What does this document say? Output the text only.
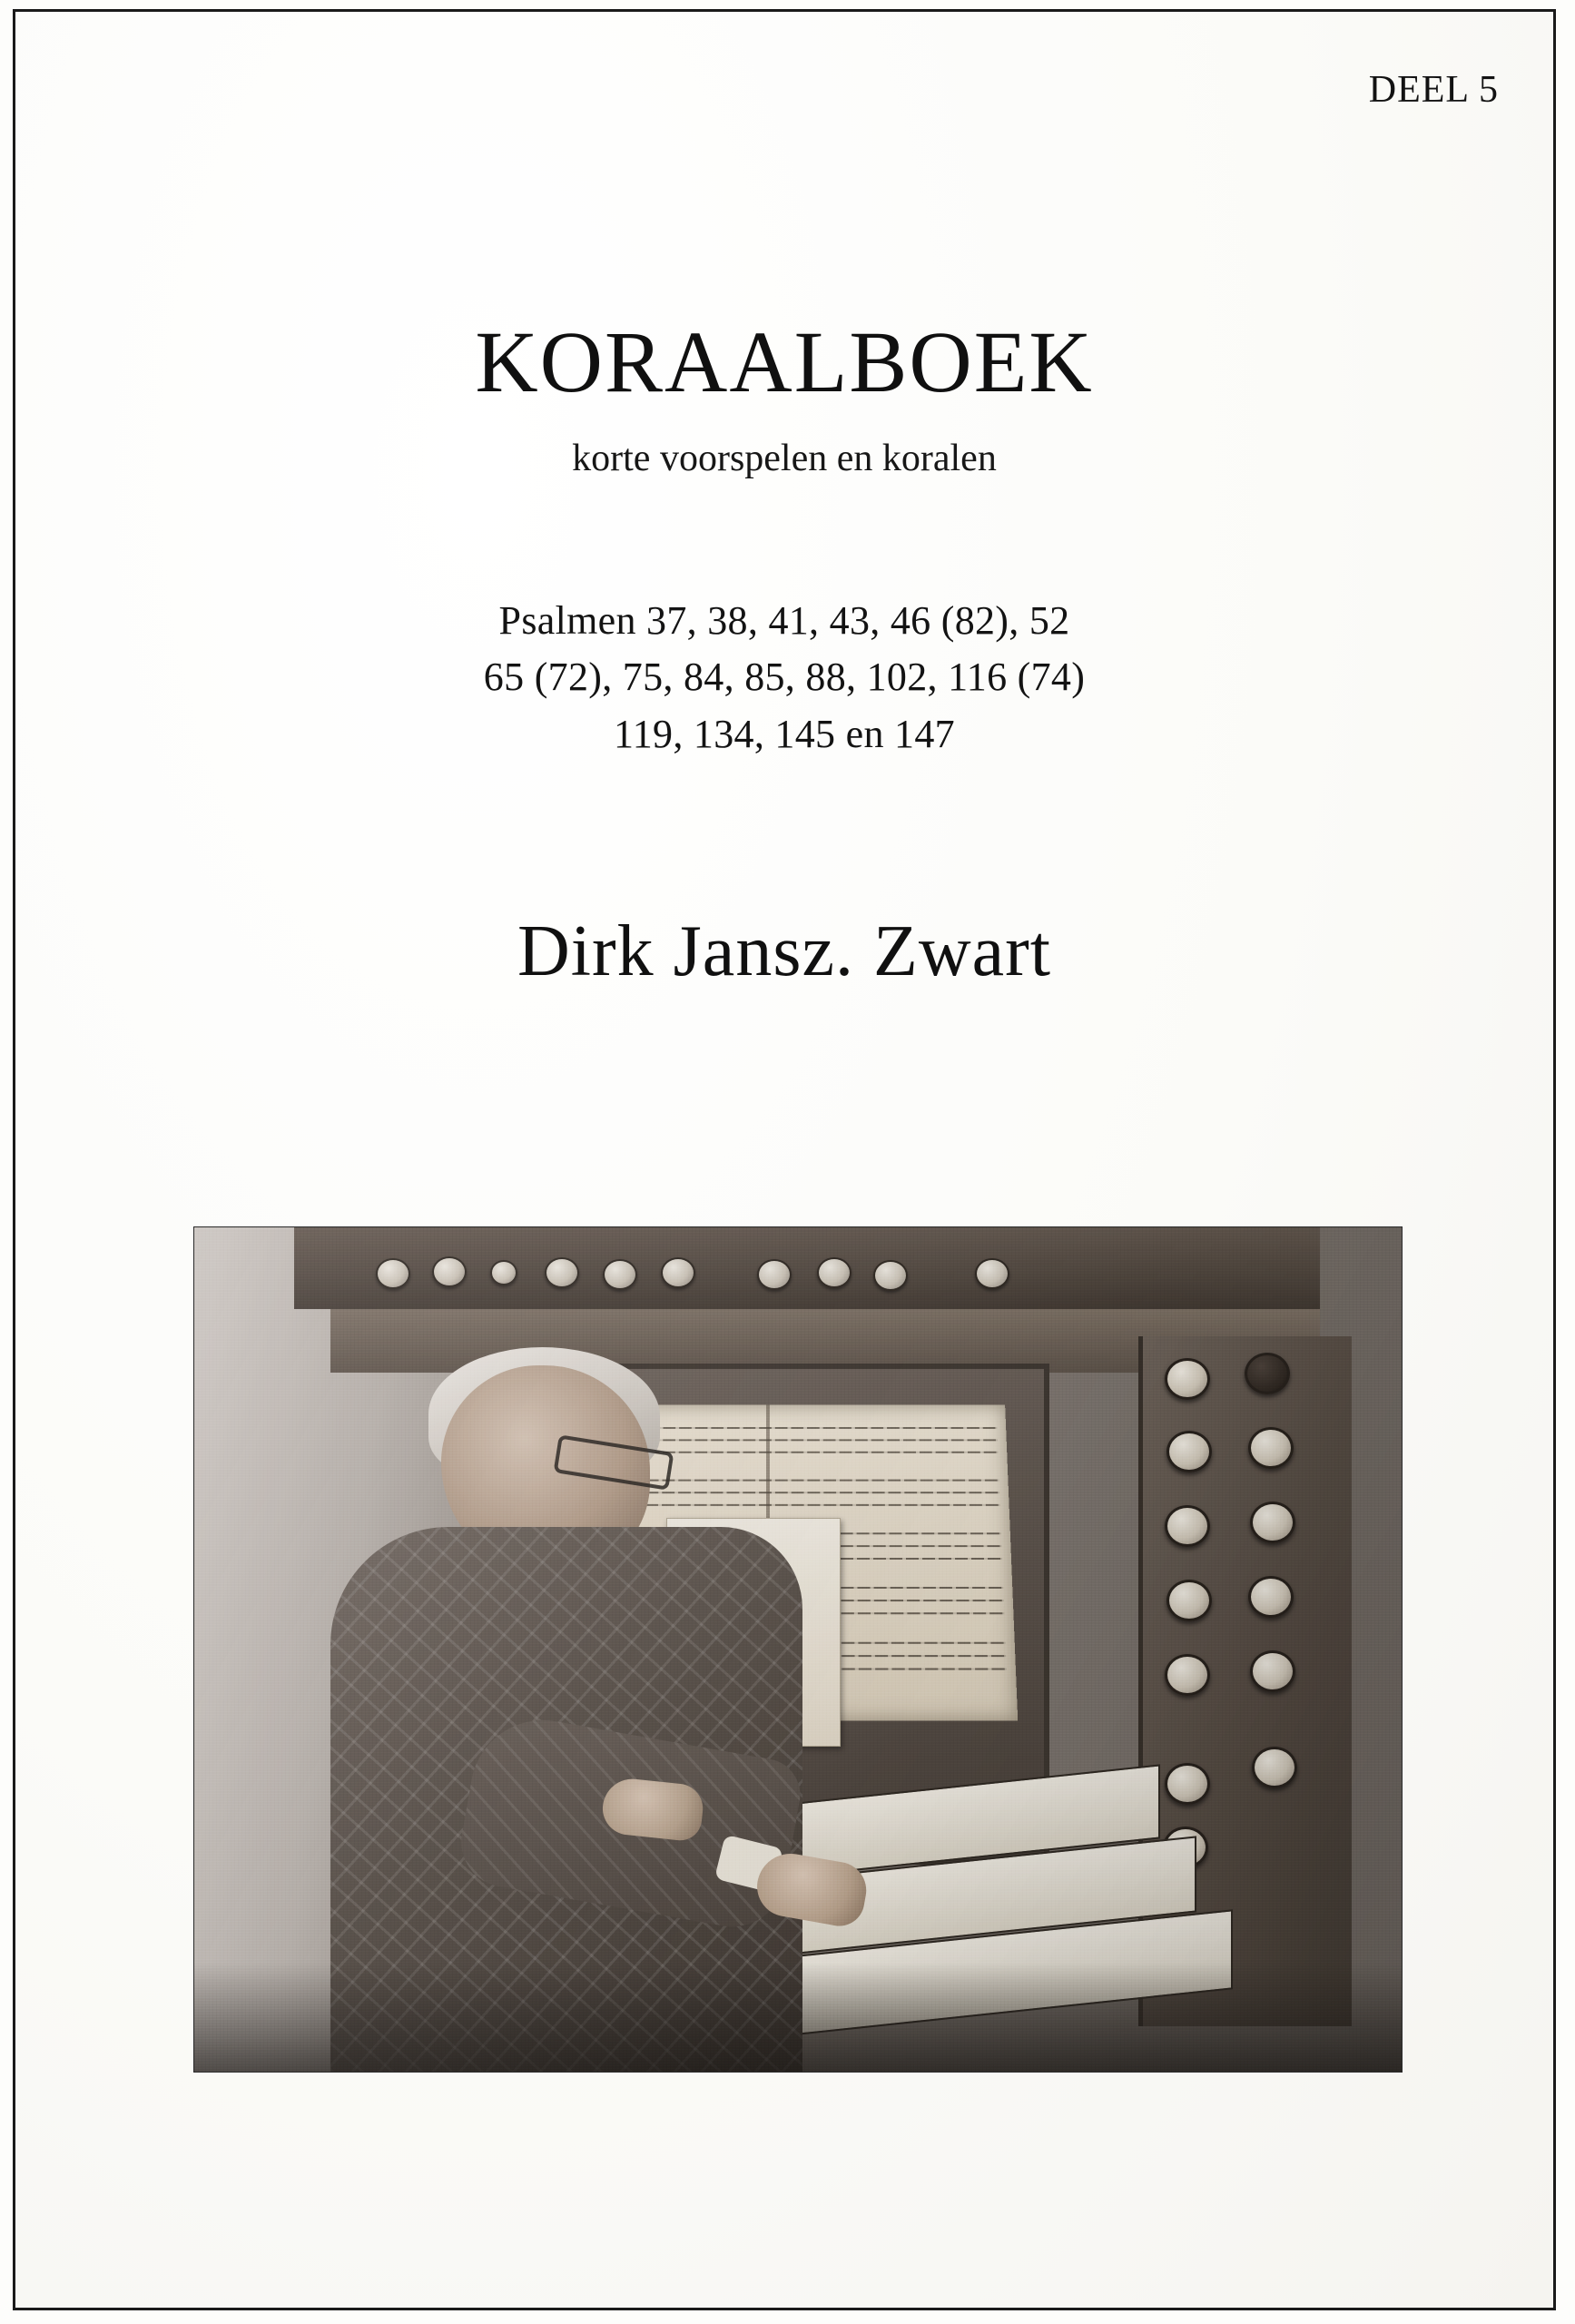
DEEL 5
KORAALBOEK
korte voorspelen en koralen
Psalmen 37, 38, 41, 43, 46 (82), 52
65 (72), 75, 84, 85, 88, 102, 116 (74)
119, 134, 145 en 147
Dirk Jansz. Zwart
